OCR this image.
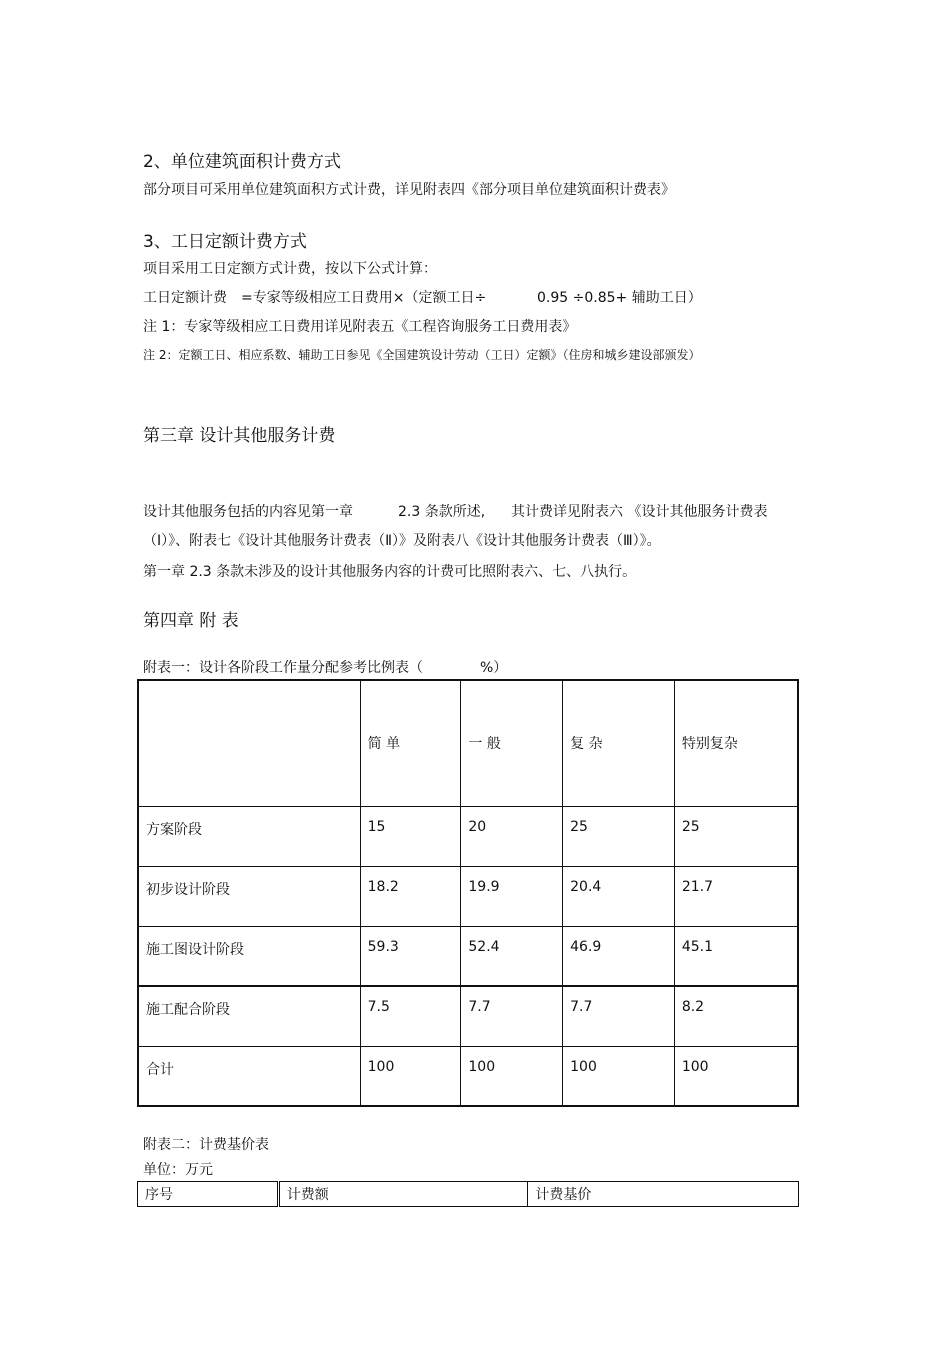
2、单位建筑面积计费方式
部分项目可采用单位建筑面积方式计费，详见附表四《部分项目单位建筑面积计费表》
3、工日定额计费方式
项目采用工日定额方式计费，按以下公式计算：
工日定额计费 =专家等级相应工日费用×（定额工日÷	0.95 ÷0.85+ 辅助工日）
注 1：专家等级相应工日费用详见附表五《工程咨询服务工日费用表》
注 2：定额工日、相应系数、辅助工日参见《全国建筑设计劳动（工日）定额》（住房和城乡建设部颁发）
第三章 设计其他服务计费
设计其他服务包括的内容见第一章	2.3 条款所述, 其计费详见附表六 《设计其他服务计费表
（Ⅰ）》、附表七《设计其他服务计费表（Ⅱ）》及附表八《设计其他服务计费表（Ⅲ）》。
第一章 2.3 条款未涉及的设计其他服务内容的计费可比照附表六、七、八执行。
第四章 附 表
附表一：设计各阶段工作量分配参考比例表（	%）
	简 单	一 般	复 杂	特别复杂
方案阶段	15	20	25	25
初步设计阶段	18.2	19.9	20.4	21.7
施工图设计阶段	59.3	52.4	46.9	45.1
施工配合阶段	7.5	7.7	7.7	8.2
合计	100	100	100	100
附表二：计费基价表
单位：万元
序号	计费额	计费基价
